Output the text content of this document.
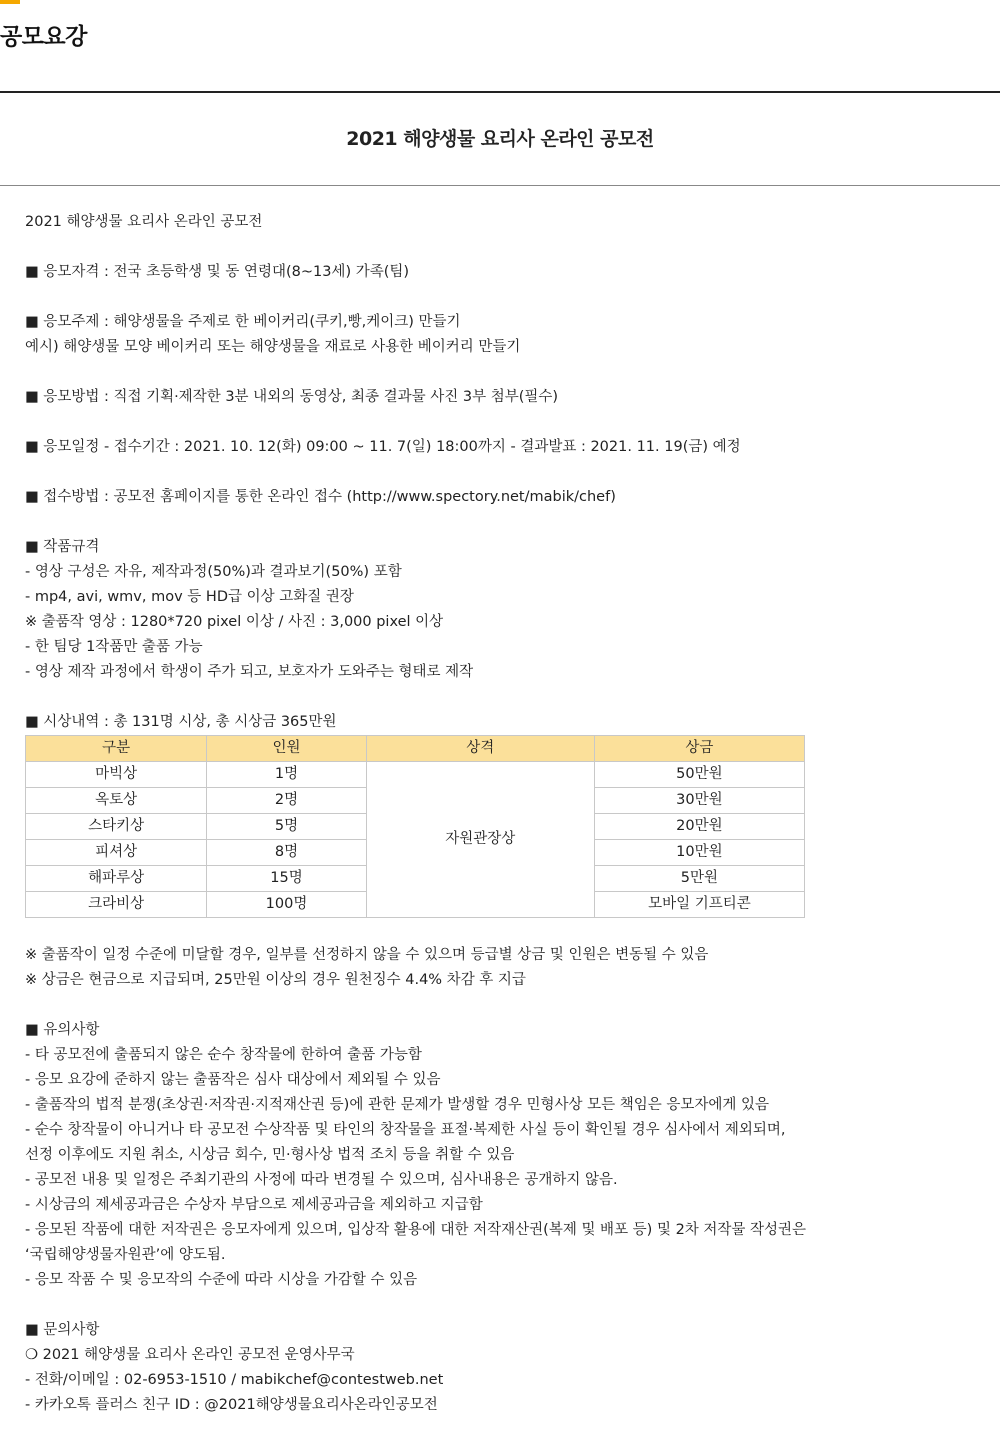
공모요강
2021 해양생물 요리사 온라인 공모전
2021 해양생물 요리사 온라인 공모전
■ 응모자격 : 전국 초등학생 및 동 연령대(8~13세) 가족(팀)
■ 응모주제 : 해양생물을 주제로 한 베이커리(쿠키,빵,케이크) 만들기
예시) 해양생물 모양 베이커리 또는 해양생물을 재료로 사용한 베이커리 만들기
■ 응모방법 : 직접 기획·제작한 3분 내외의 동영상, 최종 결과물 사진 3부 첨부(필수)
■ 응모일정 - 접수기간 : 2021. 10. 12(화) 09:00 ~ 11. 7(일) 18:00까지 - 결과발표 : 2021. 11. 19(금) 예정
■ 접수방법 : 공모전 홈페이지를 통한 온라인 접수 (http://www.spectory.net/mabik/chef)
■ 작품규격
- 영상 구성은 자유, 제작과정(50%)과 결과보기(50%) 포함
- mp4, avi, wmv, mov 등 HD급 이상 고화질 권장
※ 출품작 영상 : 1280*720 pixel 이상 / 사진 : 3,000 pixel 이상
- 한 팀당 1작품만 출품 가능
- 영상 제작 과정에서 학생이 주가 되고, 보호자가 도와주는 형태로 제작
■ 시상내역 : 총 131명 시상, 총 시상금 365만원
구분	인원	상격	상금
마빅상	1명	자원관장상	50만원
옥토상	2명		30만원
스타키상	5명		20만원
피셔상	8명		10만원
해파루상	15명		5만원
크라비상	100명		모바일 기프티콘
※ 출품작이 일정 수준에 미달할 경우, 일부를 선정하지 않을 수 있으며 등급별 상금 및 인원은 변동될 수 있음
※ 상금은 현금으로 지급되며, 25만원 이상의 경우 원천징수 4.4% 차감 후 지급
■ 유의사항
- 타 공모전에 출품되지 않은 순수 창작물에 한하여 출품 가능함
- 응모 요강에 준하지 않는 출품작은 심사 대상에서 제외될 수 있음
- 출품작의 법적 분쟁(초상권·저작권·지적재산권 등)에 관한 문제가 발생할 경우 민형사상 모든 책임은 응모자에게 있음
- 순수 창작물이 아니거나 타 공모전 수상작품 및 타인의 창작물을 표절·복제한 사실 등이 확인될 경우 심사에서 제외되며,
선정 이후에도 지원 취소, 시상금 회수, 민·형사상 법적 조치 등을 취할 수 있음
- 공모전 내용 및 일정은 주최기관의 사정에 따라 변경될 수 있으며, 심사내용은 공개하지 않음.
- 시상금의 제세공과금은 수상자 부담으로 제세공과금을 제외하고 지급함
- 응모된 작품에 대한 저작권은 응모자에게 있으며, 입상작 활용에 대한 저작재산권(복제 및 배포 등) 및 2차 저작물 작성권은
‘국립해양생물자원관’에 양도됨.
- 응모 작품 수 및 응모작의 수준에 따라 시상을 가감할 수 있음
■ 문의사항
❍ 2021 해양생물 요리사 온라인 공모전 운영사무국
- 전화/이메일 : 02-6953-1510 / mabikchef@contestweb.net
- 카카오톡 플러스 친구 ID : @2021해양생물요리사온라인공모전
